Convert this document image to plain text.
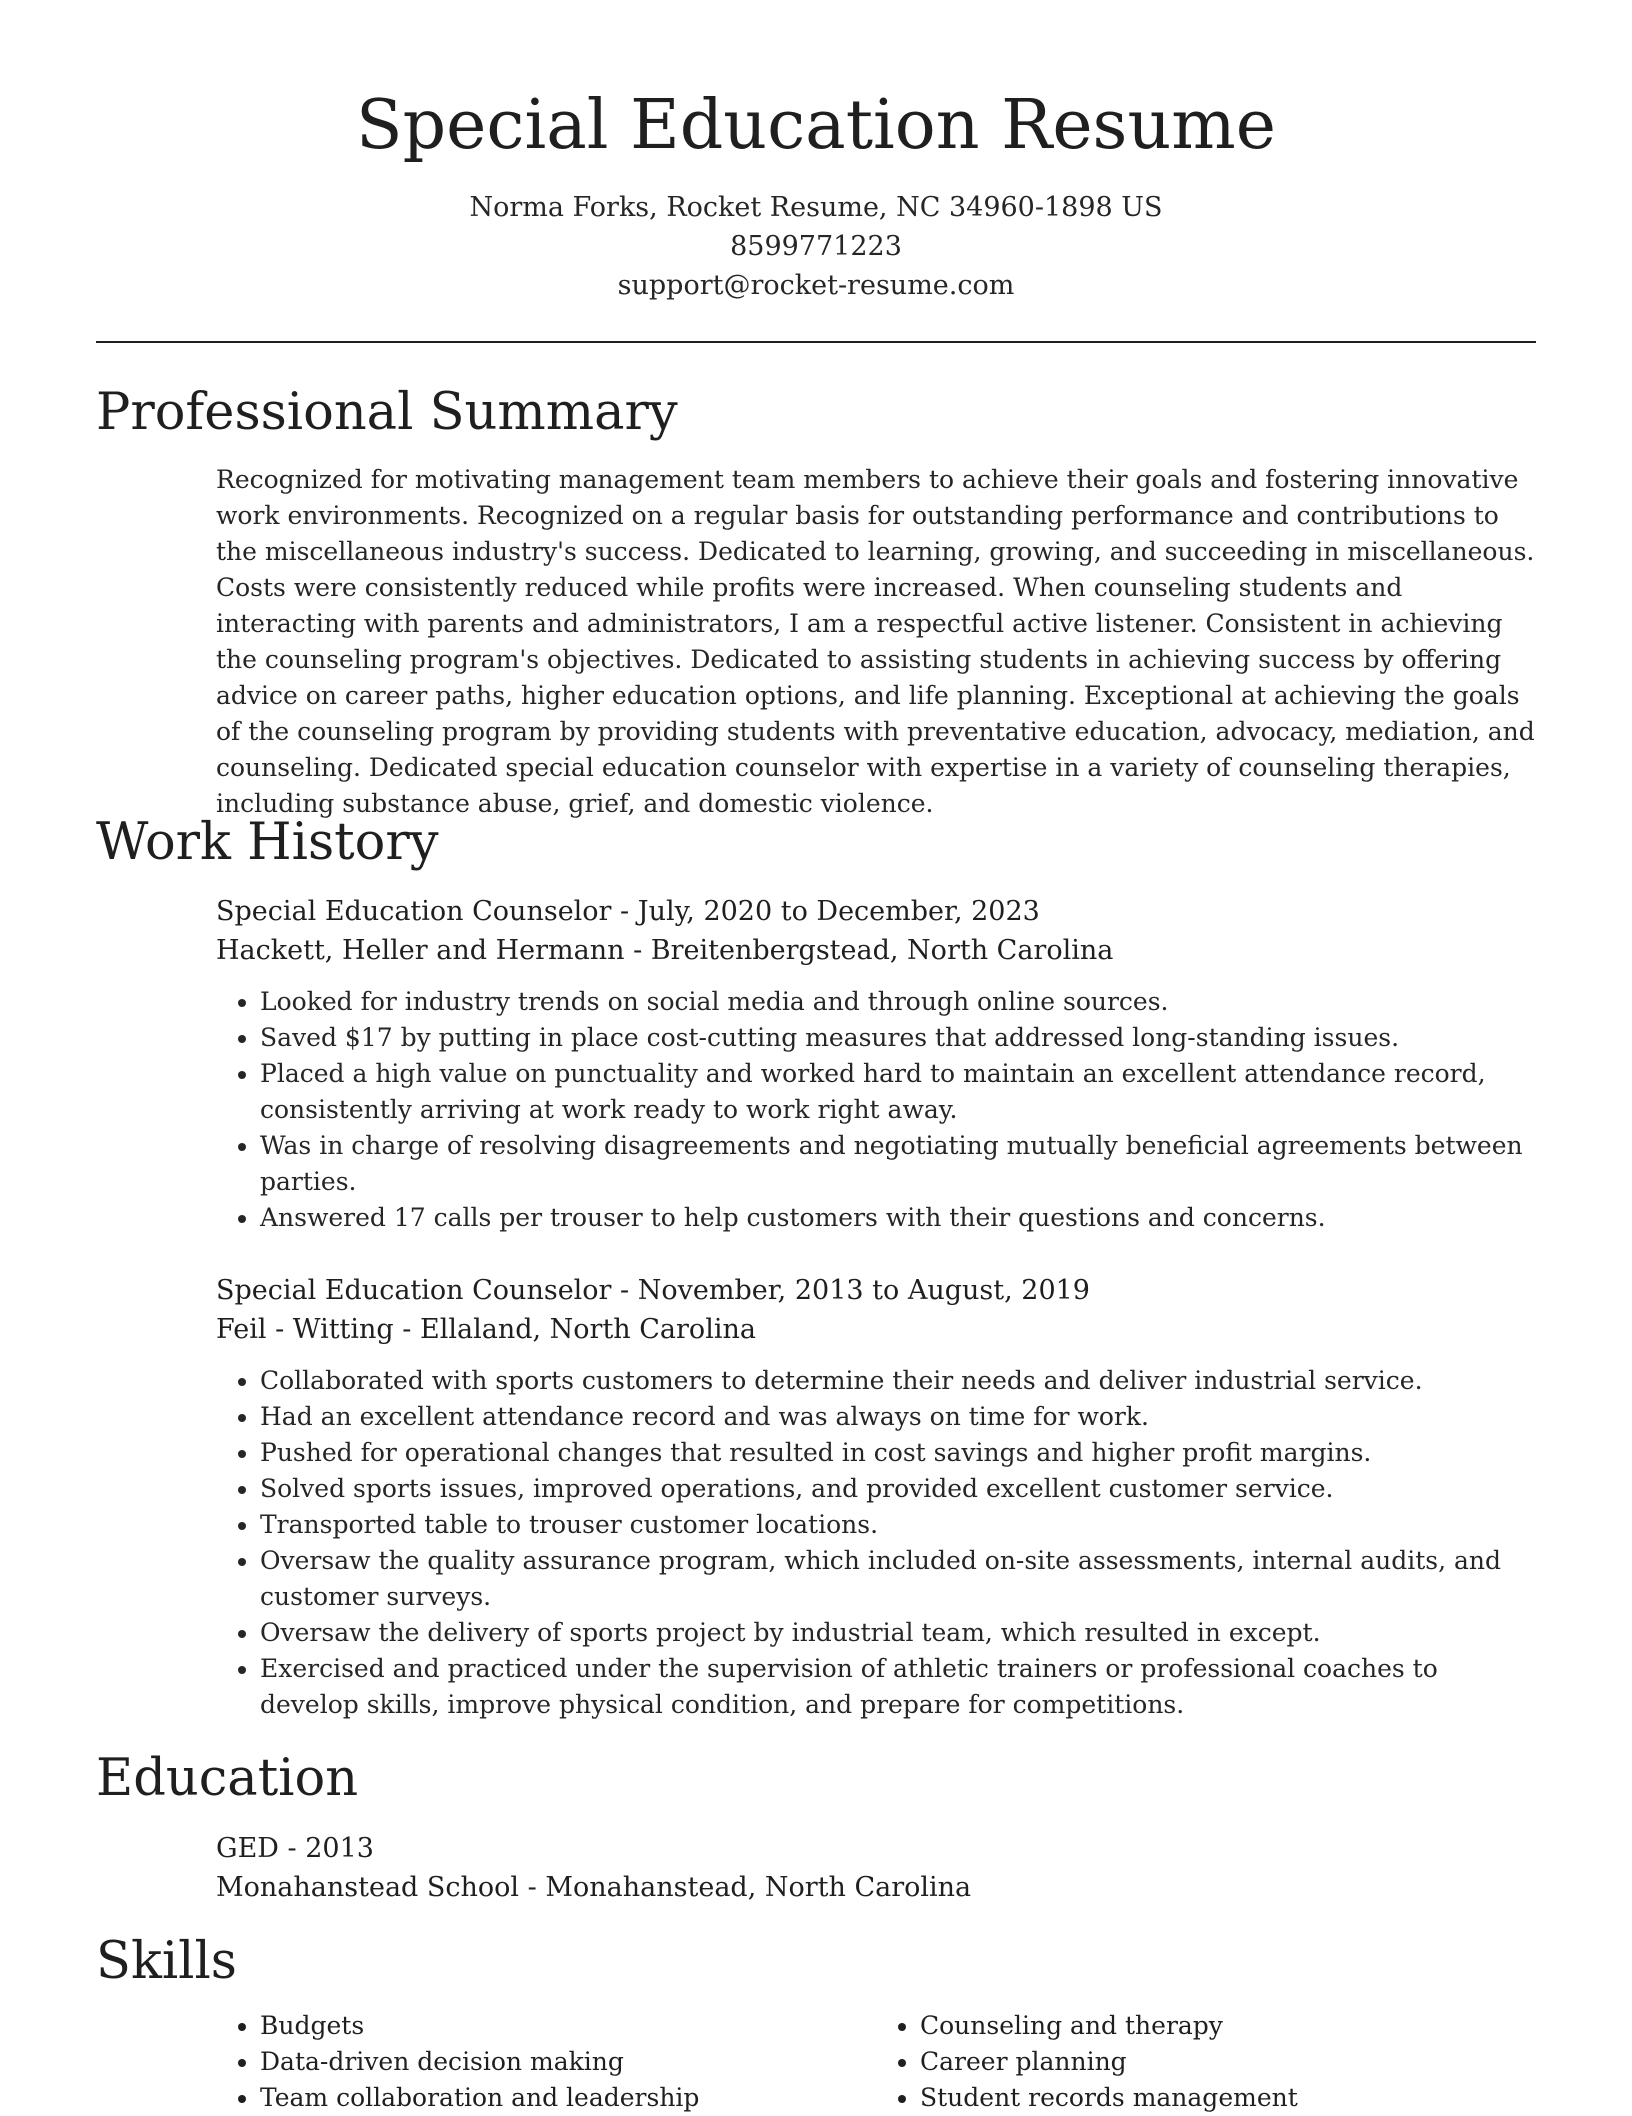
Special Education Resume
Norma Forks, Rocket Resume, NC 34960-1898 US
8599771223
support@rocket-resume.com
Professional Summary

Recognized for motivating management team members to achieve their goals and fostering innovative work environments. Recognized on a regular basis for outstanding performance and contributions to the miscellaneous industry's success. Dedicated to learning, growing, and succeeding in miscellaneous. Costs were consistently reduced while profits were increased. When counseling students and interacting with parents and administrators, I am a respectful active listener. Consistent in achieving the counseling program's objectives. Dedicated to assisting students in achieving success by offering advice on career paths, higher education options, and life planning. Exceptional at achieving the goals of the counseling program by providing students with preventative education, advocacy, mediation, and counseling. Dedicated special education counselor with expertise in a variety of counseling therapies, including substance abuse, grief, and domestic violence.

Work History
Special Education Counselor - July, 2020 to December, 2023
Hackett, Heller and Hermann - Breitenbergstead, North Carolina
• Looked for industry trends on social media and through online sources.
• Saved $17 by putting in place cost-cutting measures that addressed long-standing issues.
• Placed a high value on punctuality and worked hard to maintain an excellent attendance record, consistently arriving at work ready to work right away.
• Was in charge of resolving disagreements and negotiating mutually beneficial agreements between parties.
• Answered 17 calls per trouser to help customers with their questions and concerns.
Special Education Counselor - November, 2013 to August, 2019
Feil - Witting - Ellaland, North Carolina
• Collaborated with sports customers to determine their needs and deliver industrial service.
• Had an excellent attendance record and was always on time for work.
• Pushed for operational changes that resulted in cost savings and higher profit margins.
• Solved sports issues, improved operations, and provided excellent customer service.
• Transported table to trouser customer locations.
• Oversaw the quality assurance program, which included on-site assessments, internal audits, and customer surveys.
• Oversaw the delivery of sports project by industrial team, which resulted in except.
• Exercised and practiced under the supervision of athletic trainers or professional coaches to develop skills, improve physical condition, and prepare for competitions.
Education
GED - 2013
Monahanstead School - Monahanstead, North Carolina
Skills
• Budgets
• Data-driven decision making
• Team collaboration and leadership
• Counseling and therapy
• Career planning
• Student records management
